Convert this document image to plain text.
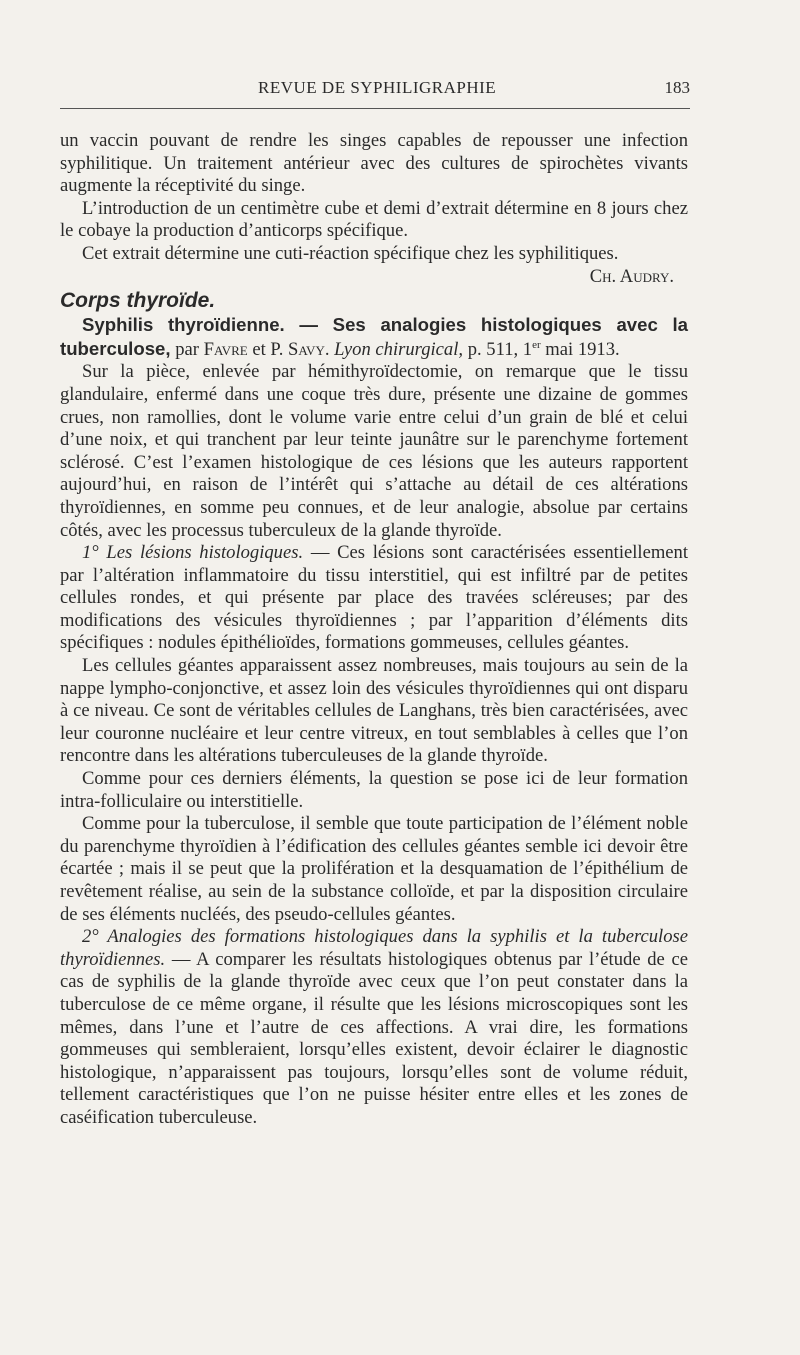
REVUE DE SYPHILIGRAPHIE	183

un vaccin pouvant de rendre les singes capables de repousser une infection syphilitique. Un traitement antérieur avec des cultures de spirochètes vivants augmente la réceptivité du singe.

L’introduction de un centimètre cube et demi d’extrait détermine en 8 jours chez le cobaye la production d’anticorps spécifique.

Cet extrait détermine une cuti-réaction spécifique chez les syphilitiques.

Ch. Audry.

Corps thyroïde.

Syphilis thyroïdienne. — Ses analogies histologiques avec la tuberculose, par Favre et P. Savy. Lyon chirurgical, p. 511, 1er mai 1913.

Sur la pièce, enlevée par hémithyroïdectomie, on remarque que le tissu glandulaire, enfermé dans une coque très dure, présente une dizaine de gommes crues, non ramollies, dont le volume varie entre celui d’un grain de blé et celui d’une noix, et qui tranchent par leur teinte jaunâtre sur le parenchyme fortement sclérosé. C’est l’examen histologique de ces lésions que les auteurs rapportent aujourd’hui, en raison de l’intérêt qui s’attache au détail de ces altérations thyroïdiennes, en somme peu connues, et de leur analogie, absolue par certains côtés, avec les processus tuberculeux de la glande thyroïde.

1° Les lésions histologiques. — Ces lésions sont caractérisées essentiellement par l’altération inflammatoire du tissu interstitiel, qui est infiltré par de petites cellules rondes, et qui présente par place des travées scléreuses; par des modifications des vésicules thyroïdiennes ; par l’apparition d’éléments dits spécifiques : nodules épithélioïdes, formations gommeuses, cellules géantes.

Les cellules géantes apparaissent assez nombreuses, mais toujours au sein de la nappe lympho-conjonctive, et assez loin des vésicules thyroïdiennes qui ont disparu à ce niveau. Ce sont de véritables cellules de Langhans, très bien caractérisées, avec leur couronne nucléaire et leur centre vitreux, en tout semblables à celles que l’on rencontre dans les altérations tuberculeuses de la glande thyroïde.

Comme pour ces derniers éléments, la question se pose ici de leur formation intra-folliculaire ou interstitielle.

Comme pour la tuberculose, il semble que toute participation de l’élément noble du parenchyme thyroïdien à l’édification des cellules géantes semble ici devoir être écartée ; mais il se peut que la prolifération et la desquamation de l’épithélium de revêtement réalise, au sein de la substance colloïde, et par la disposition circulaire de ses éléments nucléés, des pseudo-cellules géantes.

2° Analogies des formations histologiques dans la syphilis et la tuberculose thyroïdiennes. — A comparer les résultats histologiques obtenus par l’étude de ce cas de syphilis de la glande thyroïde avec ceux que l’on peut constater dans la tuberculose de ce même organe, il résulte que les lésions microscopiques sont les mêmes, dans l’une et l’autre de ces affections. A vrai dire, les formations gommeuses qui sembleraient, lorsqu’elles existent, devoir éclairer le diagnostic histologique, n’apparaissent pas toujours, lorsqu’elles sont de volume réduit, tellement caractéristiques que l’on ne puisse hésiter entre elles et les zones de caséification tuberculeuse.
